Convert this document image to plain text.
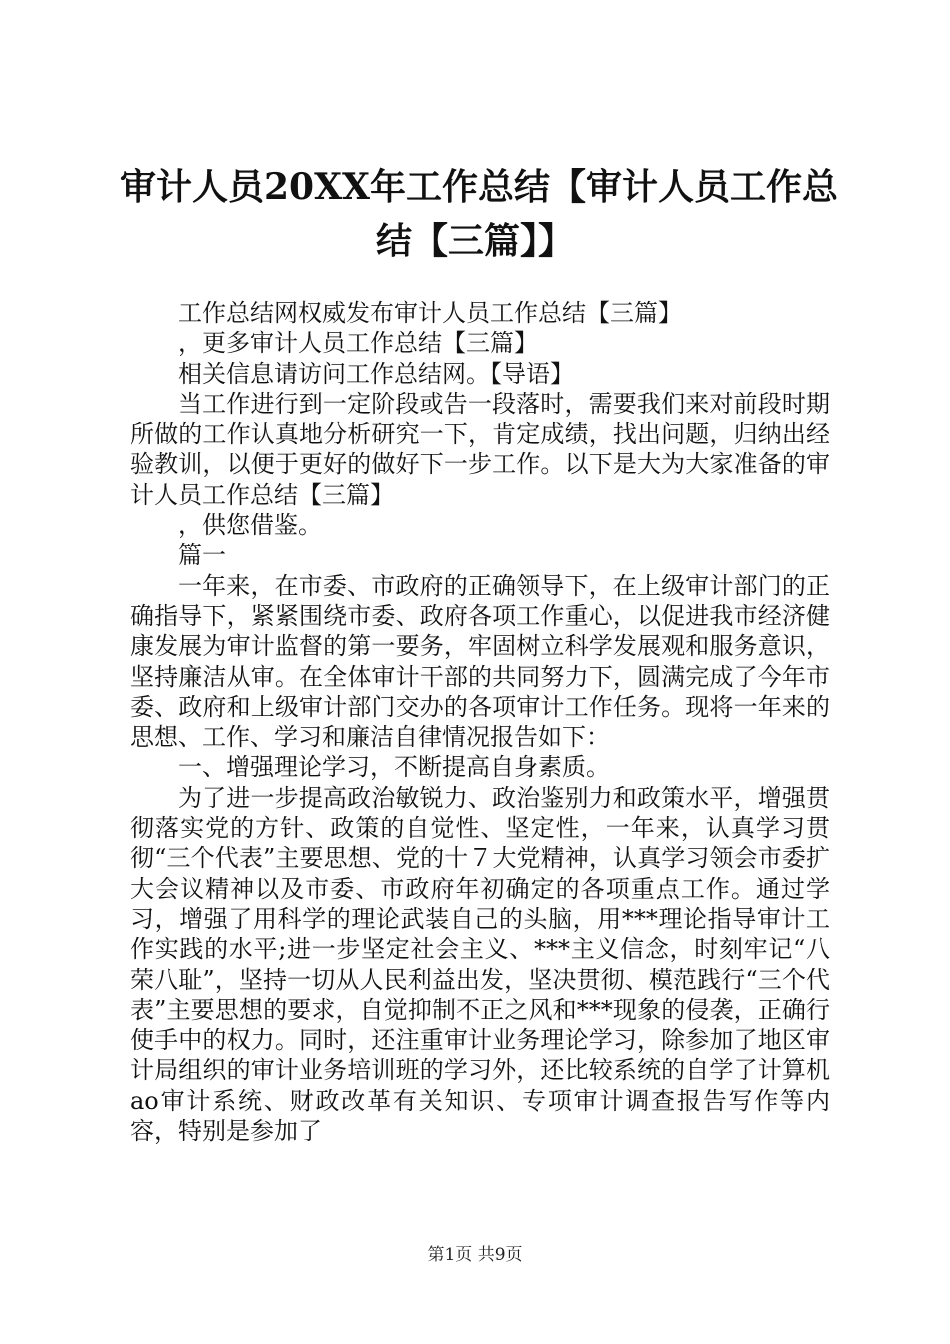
审计人员20XX年工作总结【审计人员工作总
结【三篇】】

工作总结网权威发布审计人员工作总结【三篇】

，更多审计人员工作总结【三篇】

相关信息请访问工作总结网。【导语】

当工作进行到一定阶段或告一段落时，需要我们来对前段时期所做的工作认真地分析研究一下，肯定成绩，找出问题，归纳出经验教训，以便于更好的做好下一步工作。以下是大为大家准备的审计人员工作总结【三篇】

，供您借鉴。

篇一

一年来，在市委、市政府的正确领导下，在上级审计部门的正确指导下，紧紧围绕市委、政府各项工作重心，以促进我市经济健康发展为审计监督的第一要务，牢固树立科学发展观和服务意识，坚持廉洁从审。在全体审计干部的共同努力下，圆满完成了今年市委、政府和上级审计部门交办的各项审计工作任务。现将一年来的思想、工作、学习和廉洁自律情况报告如下：

一、增强理论学习，不断提高自身素质。

为了进一步提高政治敏锐力、政治鉴别力和政策水平，增强贯彻落实党的方针、政策的自觉性、坚定性，一年来，认真学习贯彻“三个代表”主要思想、党的十７大党精神，认真学习领会市委扩大会议精神以及市委、市政府年初确定的各项重点工作。通过学习，增强了用科学的理论武装自己的头脑，用***理论指导审计工作实践的水平;进一步坚定社会主义、***主义信念，时刻牢记“八荣八耻”，坚持一切从人民利益出发，坚决贯彻、模范践行“三个代表”主要思想的要求，自觉抑制不正之风和***现象的侵袭，正确行使手中的权力。同时，还注重审计业务理论学习，除参加了地区审计局组织的审计业务培训班的学习外，还比较系统的自学了计算机ao审计系统、财政改革有关知识、专项审计调查报告写作等内容，特别是参加了

第1页 共9页
